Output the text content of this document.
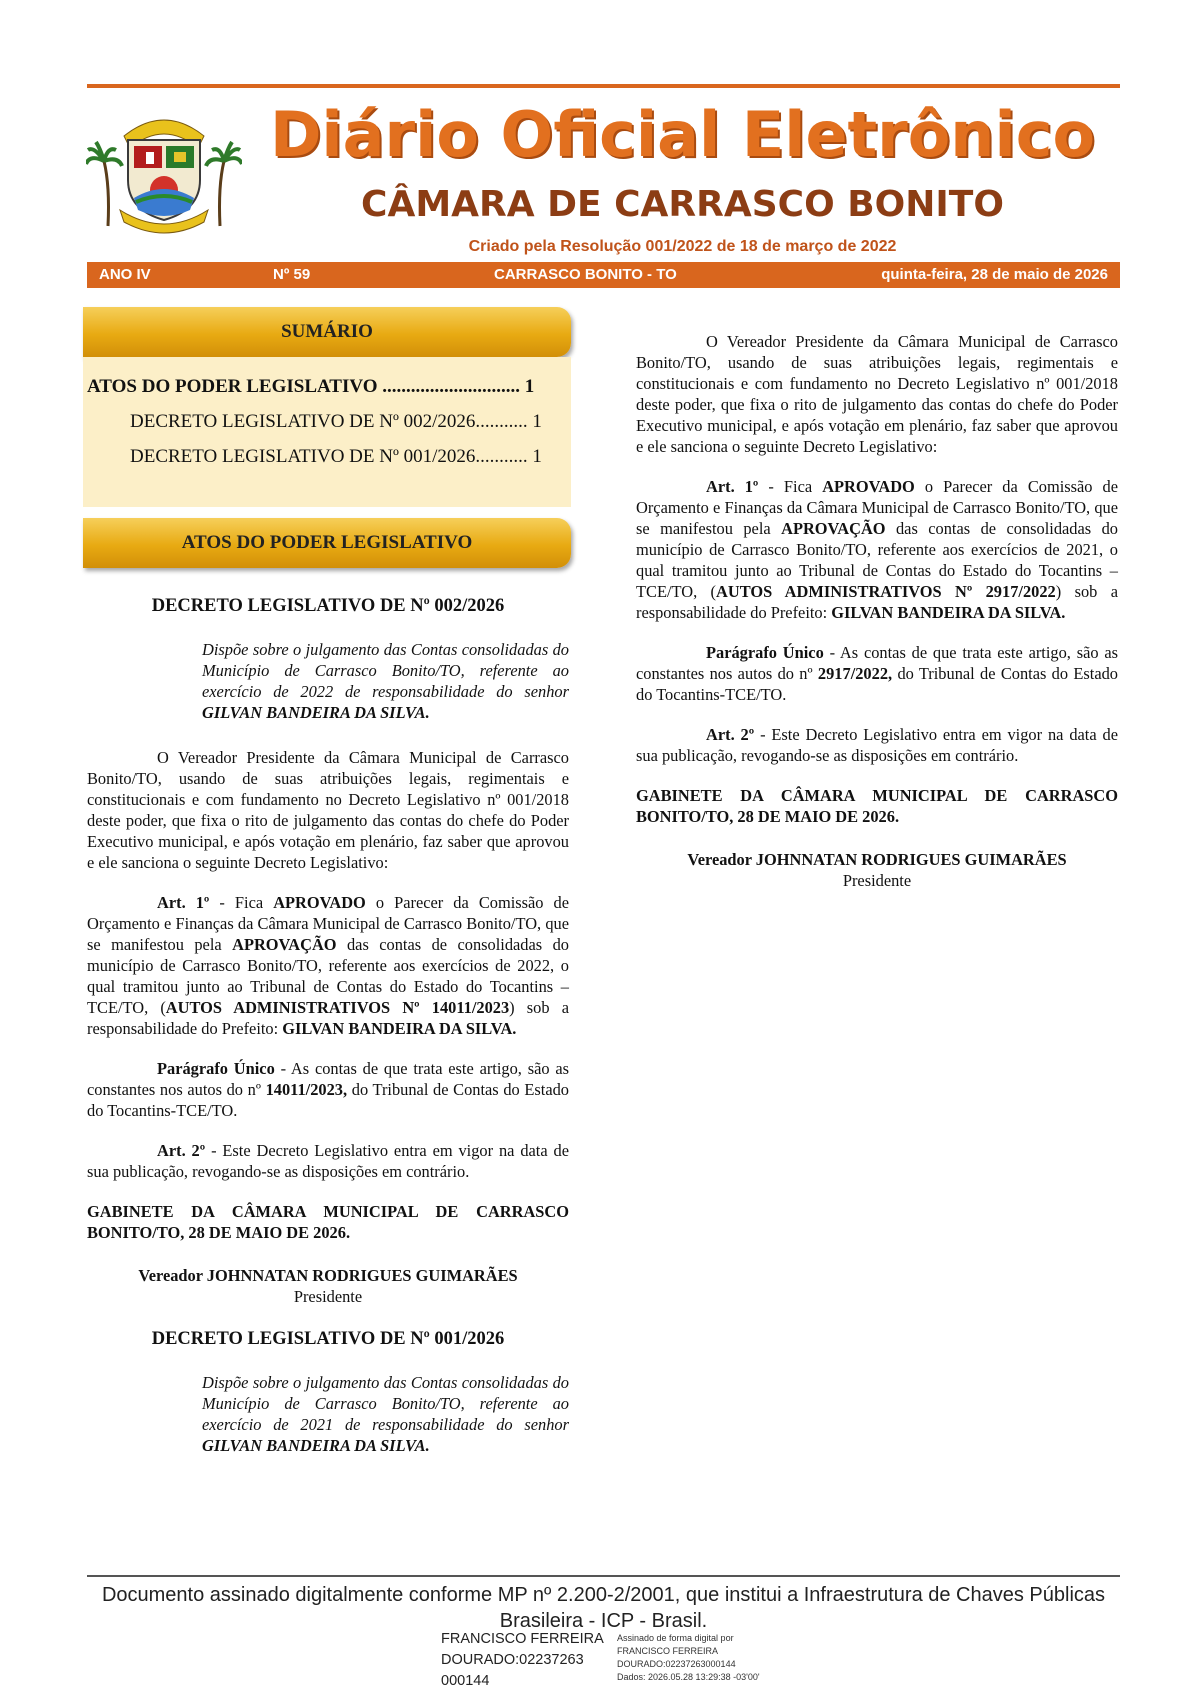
Diário Oficial Eletrônico
CÂMARA DE CARRASCO BONITO
Criado pela Resolução 001/2022 de 18 de março de 2022
ANO IV	Nº 59	CARRASCO BONITO - TO	quinta-feira, 28 de maio de 2026
SUMÁRIO
ATOS DO PODER LEGISLATIVO ............................. 1
DECRETO LEGISLATIVO DE Nº 002/2026........... 1
DECRETO LEGISLATIVO DE Nº 001/2026........... 1
ATOS DO PODER LEGISLATIVO
DECRETO LEGISLATIVO DE Nº 002/2026
Dispõe sobre o julgamento das Contas consolidadas do Município de Carrasco Bonito/TO, referente ao exercício de 2022 de responsabilidade do senhor GILVAN BANDEIRA DA SILVA.

O Vereador Presidente da Câmara Municipal de Carrasco Bonito/TO, usando de suas atribuições legais, regimentais e constitucionais e com fundamento no Decreto Legislativo nº 001/2018 deste poder, que fixa o rito de julgamento das contas do chefe do Poder Executivo municipal, e após votação em plenário, faz saber que aprovou e ele sanciona o seguinte Decreto Legislativo:

Art. 1º - Fica APROVADO o Parecer da Comissão de Orçamento e Finanças da Câmara Municipal de Carrasco Bonito/TO, que se manifestou pela APROVAÇÃO das contas de consolidadas do município de Carrasco Bonito/TO, referente aos exercícios de 2022, o qual tramitou junto ao Tribunal de Contas do Estado do Tocantins – TCE/TO, (AUTOS ADMINISTRATIVOS Nº 14011/2023) sob a responsabilidade do Prefeito: GILVAN BANDEIRA DA SILVA.

Parágrafo Único - As contas de que trata este artigo, são as constantes nos autos do nº 14011/2023, do Tribunal de Contas do Estado do Tocantins-TCE/TO.

Art. 2º - Este Decreto Legislativo entra em vigor na data de sua publicação, revogando-se as disposições em contrário.

GABINETE DA CÂMARA MUNICIPAL DE CARRASCO BONITO/TO, 28 DE MAIO DE 2026.

Vereador JOHNNATAN RODRIGUES GUIMARÃES

Presidente

DECRETO LEGISLATIVO DE Nº 001/2026
Dispõe sobre o julgamento das Contas consolidadas do Município de Carrasco Bonito/TO, referente ao exercício de 2021 de responsabilidade do senhor GILVAN BANDEIRA DA SILVA.

O Vereador Presidente da Câmara Municipal de Carrasco Bonito/TO, usando de suas atribuições legais, regimentais e constitucionais e com fundamento no Decreto Legislativo nº 001/2018 deste poder, que fixa o rito de julgamento das contas do chefe do Poder Executivo municipal, e após votação em plenário, faz saber que aprovou e ele sanciona o seguinte Decreto Legislativo:

Art. 1º - Fica APROVADO o Parecer da Comissão de Orçamento e Finanças da Câmara Municipal de Carrasco Bonito/TO, que se manifestou pela APROVAÇÃO das contas de consolidadas do município de Carrasco Bonito/TO, referente aos exercícios de 2021, o qual tramitou junto ao Tribunal de Contas do Estado do Tocantins – TCE/TO, (AUTOS ADMINISTRATIVOS Nº 2917/2022) sob a responsabilidade do Prefeito: GILVAN BANDEIRA DA SILVA.

Parágrafo Único - As contas de que trata este artigo, são as constantes nos autos do nº 2917/2022, do Tribunal de Contas do Estado do Tocantins-TCE/TO.

Art. 2º - Este Decreto Legislativo entra em vigor na data de sua publicação, revogando-se as disposições em contrário.

GABINETE DA CÂMARA MUNICIPAL DE CARRASCO BONITO/TO, 28 DE MAIO DE 2026.

Vereador JOHNNATAN RODRIGUES GUIMARÃES

Presidente

Documento assinado digitalmente conforme MP nº 2.200-2/2001, que institui a Infraestrutura de Chaves Públicas Brasileira - ICP - Brasil.
FRANCISCO FERREIRA
DOURADO:02237263
000144
Assinado de forma digital por
FRANCISCO FERREIRA
DOURADO:02237263000144
Dados: 2026.05.28 13:29:38 -03'00'
